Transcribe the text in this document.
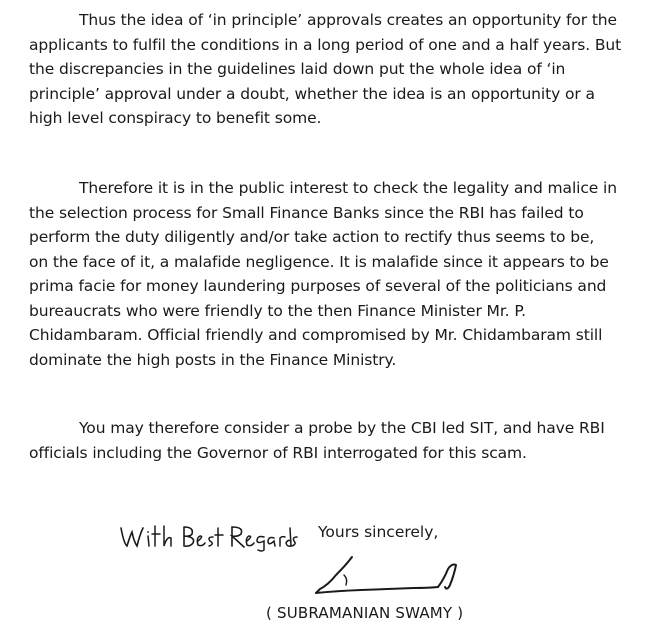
Thus the idea of ‘in principle’ approvals creates an opportunity for the
applicants to fulfil the conditions in a long period of one and a half years. But
the discrepancies in the guidelines laid down put the whole idea of ‘in
principle’ approval under a doubt, whether the idea is an opportunity or a
high level conspiracy to benefit some.
Therefore it is in the public interest to check the legality and malice in
the selection process for Small Finance Banks since the RBI has failed to
perform the duty diligently and/or take action to rectify thus seems to be,
on the face of it, a malafide negligence. It is malafide since it appears to be
prima facie for money laundering purposes of several of the politicians and
bureaucrats who were friendly to the then Finance Minister Mr. P.
Chidambaram. Official friendly and compromised by Mr. Chidambaram still
dominate the high posts in the Finance Ministry.
You may therefore consider a probe by the CBI led SIT, and have RBI
officials including the Governor of RBI interrogated for this scam.
Yours sincerely,
( SUBRAMANIAN SWAMY )
